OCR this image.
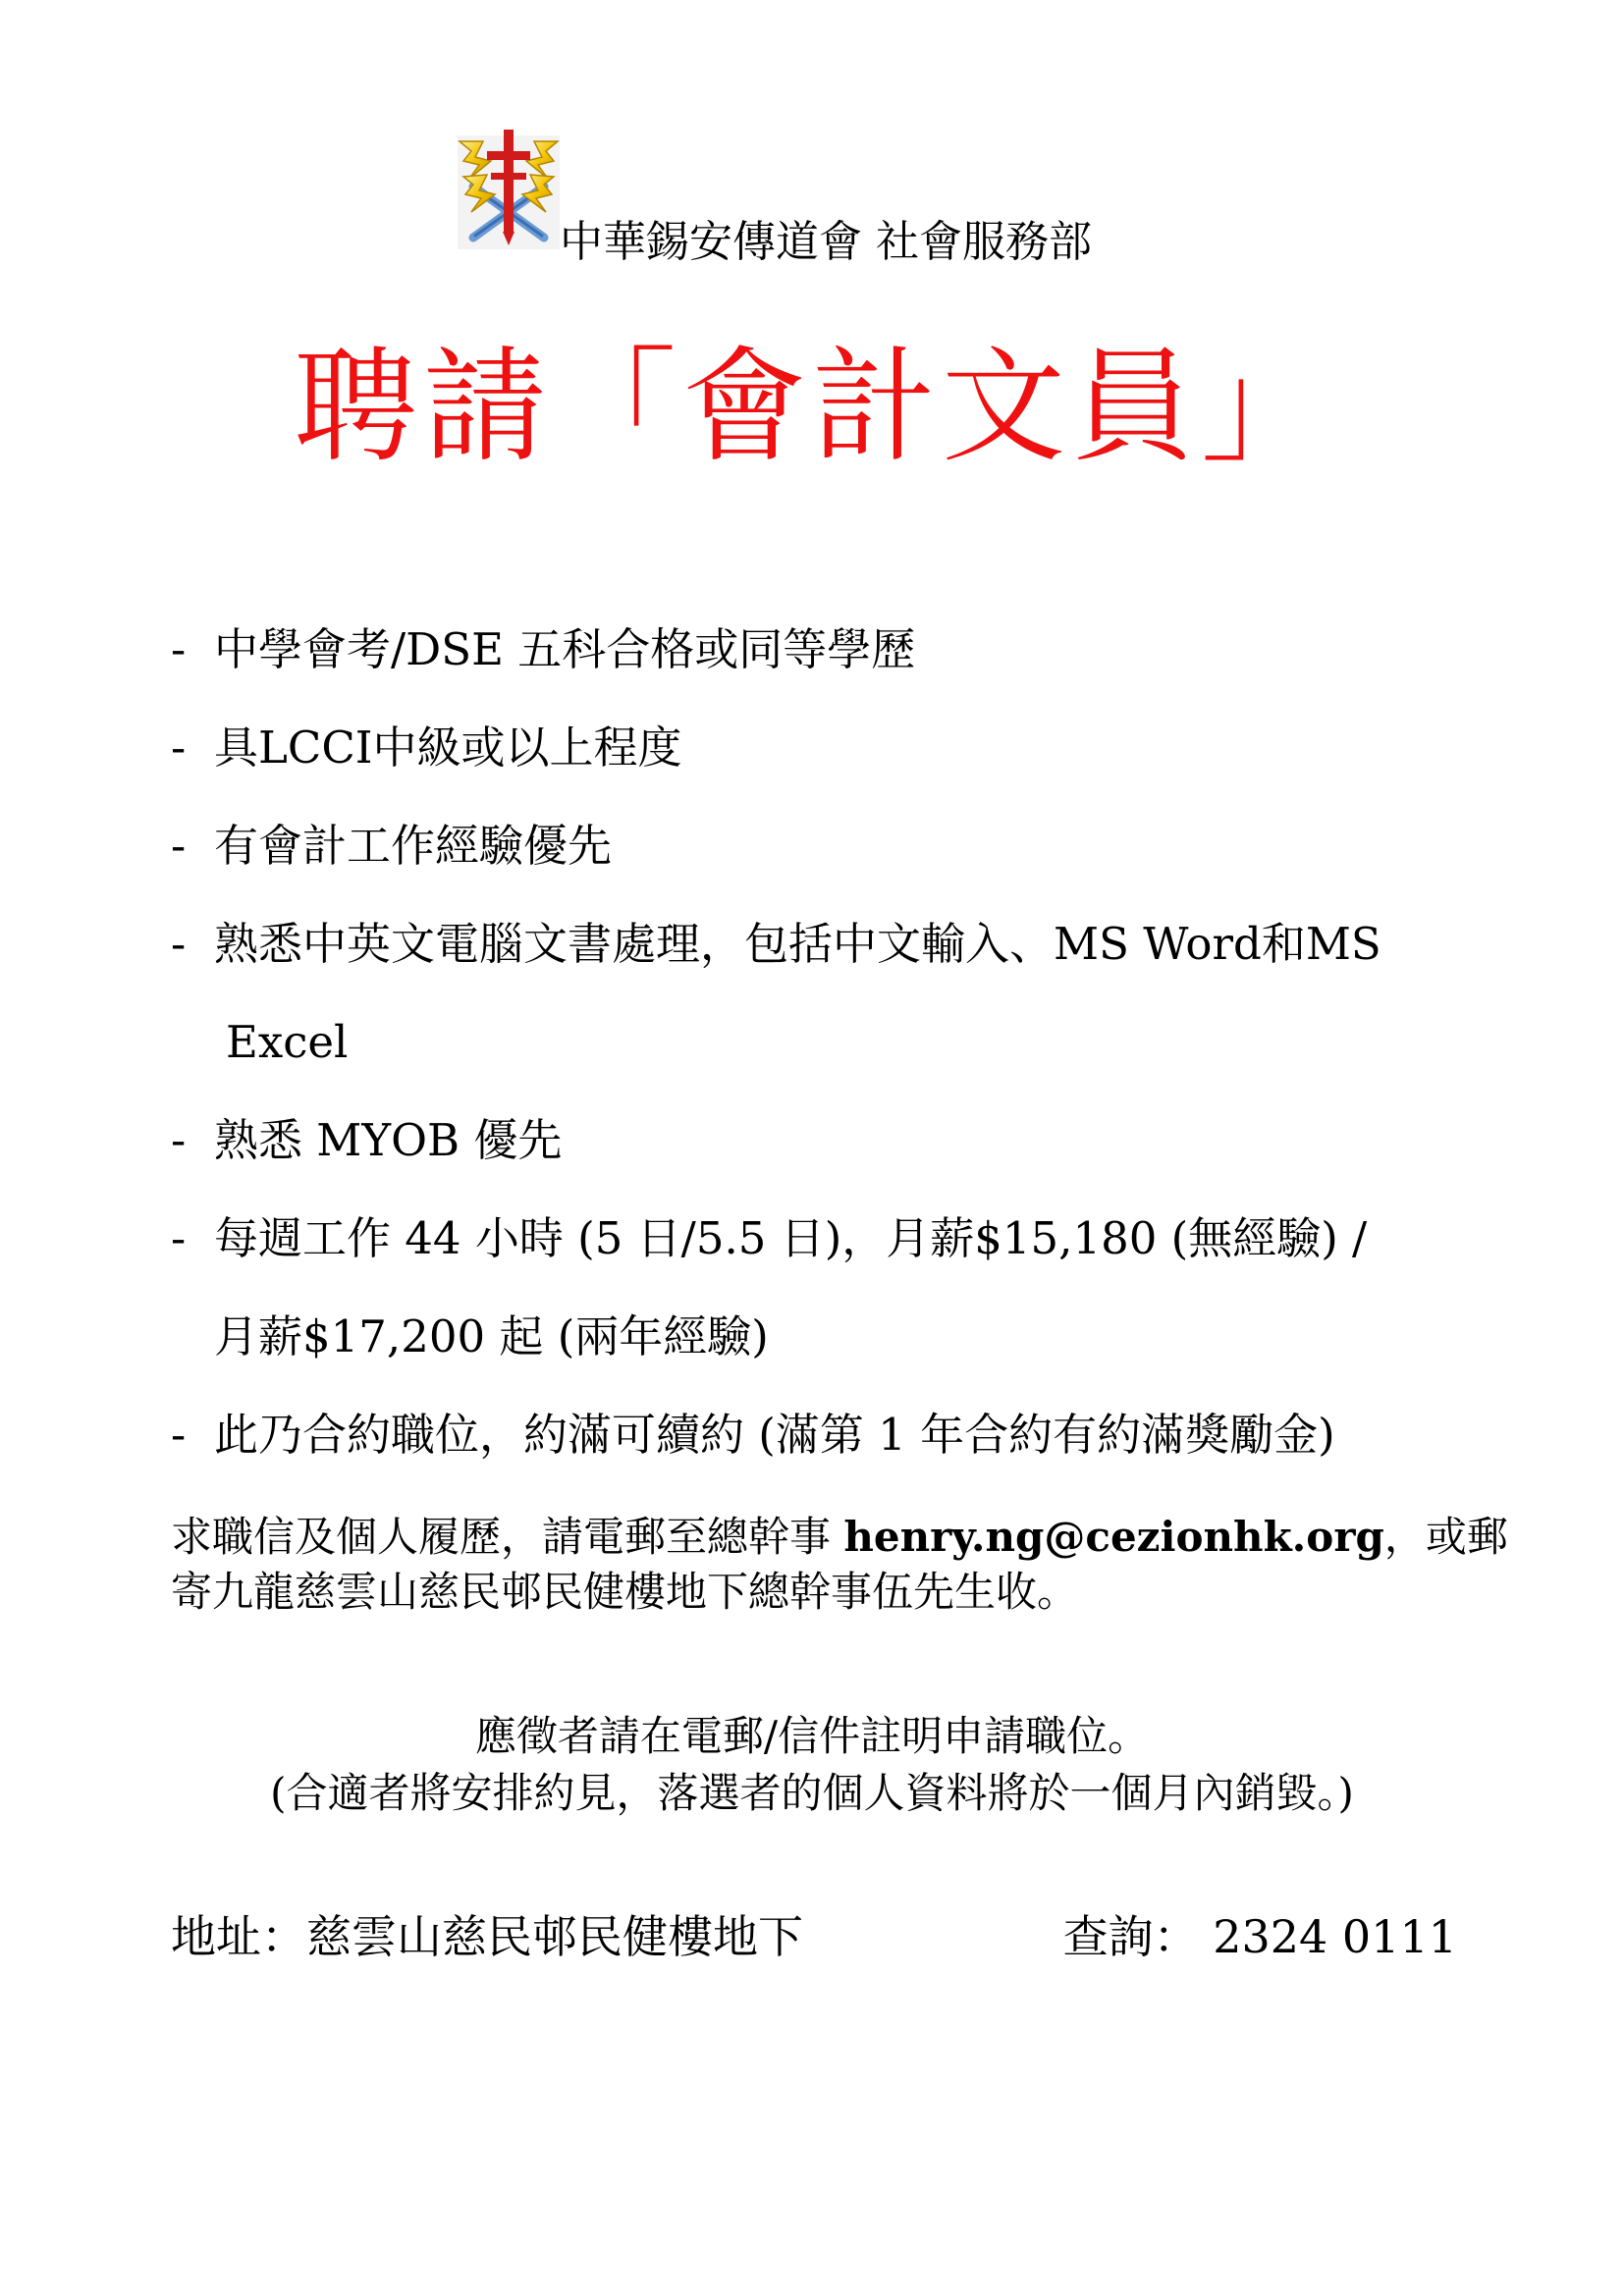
中華錫安傳道會 社會服務部
聘請「會計文員」
- 中學會考/DSE 五科合格或同等學歷
- 具LCCI中級或以上程度
- 有會計工作經驗優先
- 熟悉中英文電腦文書處理，包括中文輸入、MS Word和MS
Excel
- 熟悉 MYOB 優先
- 每週工作 44 小時 (5 日/5.5 日)，月薪$15,180 (無經驗) /
月薪$17,200 起 (兩年經驗)
- 此乃合約職位，約滿可續約 (滿第 1 年合約有約滿獎勵金)
求職信及個人履歷，請電郵至總幹事 henry.ng@cezionhk.org，或郵
寄九龍慈雲山慈民邨民健樓地下總幹事伍先生收。
應徵者請在電郵/信件註明申請職位。
(合適者將安排約見，落選者的個人資料將於一個月內銷毀。)
地址：慈雲山慈民邨民健樓地下	查詢： 2324 0111
